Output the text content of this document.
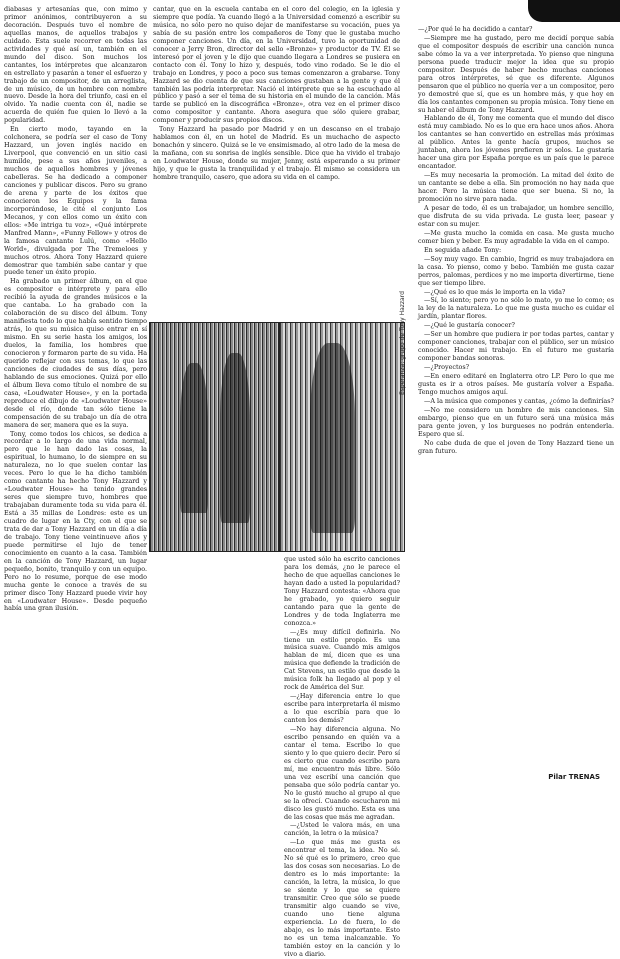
diabasas y artesanías que, con mimo y primor anónimos, contribuyeron a su decoración. Después tuvo el nombre de aquellas manos, de aquellos trabajos y cuidado. Esta suele recorrer en todas las actividades y qué así un, también en el mundo del disco. Son muchos los cantantes, los intérpretes que alcanzaron en estrellato y pasarán a tener el esfuerzo y trabajo de un compositor, de un arreglista, de un músico, de un hombre con nombre nuevo. Desde la hora del triunfo, casi en el olvido. Ya nadie cuenta con él, nadie se acuerda de quién fue quien lo llevó a la popularidad.

En cierto modo, tayando en la colchonera, se podría ser el caso de Tony Hazzard, un joven inglés nacido en Liverpool, que convenció en un sitio casi humilde, pese a sus años juveniles, a muchos de aquellos hombres y jóvenes cabelleras. Se ha dedicado a componer canciones y publicar discos. Pero su grano de arena y parte de los éxitos que conocieron los Equipos y la fama incorporándose, le cité el conjunto Los Mecanos, y con ellos como un éxito con ellos: «Me intriga tu voz», «Qué intérprete Manfred Mann», «Funny Fellow» y otros de la famosa cantante Lulú, como «Hello World», divulgada por The Tremeloes y muchos otros. Ahora Tony Hazzard quiere demostrar que también sabe cantar y que puede tener un éxito propio.

Ha grabado un primer álbum, en el que es compositor e intérprete y para ello recibió la ayuda de grandes músicos e la que cantaba. Lo ha grabado con la colaboración de su disco del álbum. Tony manifiesta todo lo que había sentido tiempo atrás, lo que su música quiso entrar en sí mismo. En su serie hasta los amigos, los duelos, la familia, los hombres que conocieron y formaron parte de su vida. Ha querido reflejar con sus temas, lo que las canciones de ciudades de sus días, pero hablando de sus emociones. Quizá por ello el álbum lleva como título el nombre de su casa, «Loudwater House», y en la portada reproduce el dibujo de «Loudwater House» desde el río, donde tan sólo tiene la compensación de su trabajo un día de otra manera de ser, manera que es la suya.

Tony, como todos los chicos, se dedica a recordar a lo largo de una vida normal, pero que le han dado las cosas, la espiritual, lo humano, lo de siempre en su naturaleza, no lo que suelen contar las veces. Pero lo que le ha dicho también como cantante ha hecho Tony Hazzard y «Loudwater House» ha tenido grandes seres que siempre tuvo, hombres que trabajaban duramente toda su vida para él. Está a 35 millas de Londres: este es un cuadro de lugar en la Cty, con el que se trata de dar a Tony Hazzard en un día a día de trabajo. Tony tiene veintinueve años y puede permitirse el lujo de tener conocimiento en cuanto a la casa. También en la canción de Tony Hazzard, un lugar pequeño, bonito, tranquilo y con un equipo. Pero no lo resume, porque de ese modo mucha gente le conoce a través de su primer disco Tony Hazzard puede vivir hoy en «Loudwater House». Desde pequeño había una gran ilusión.

cantar, que en la escuela cantaba en el coro del colegio, en la iglesia y siempre que podía. Ya cuando llegó a la Universidad comenzó a escribir su música, no sólo pero no quiso dejar de manifestarse su vocación, pues ya sabía de su pasión entre los compañeros de Tony que le gustaba mucho componer canciones. Un día, en la Universidad, tuvo la oportunidad de conocer a Jerry Bron, director del sello «Bronze» y productor de TV. Él se interesó por el joven y le dijo que cuando llegara a Londres se pusiera en contacto con él. Tony lo hizo y, después, todo vino rodado. Se le dio el trabajo en Londres, y poco a poco sus temas comenzaron a grabarse. Tony Hazzard se dio cuenta de que sus canciones gustaban a la gente y que él también las podría interpretar. Nació el intérprete que se ha escuchado al público y pasó a ser el tema de su historia en el mundo de la canción. Más tarde se publicó en la discográfica «Bronze», otra vez en el primer disco como compositor y cantante. Ahora asegura que sólo quiere grabar, componer y producir sus propios discos.

Tony Hazzard ha pasado por Madrid y en un descanso en el trabajo hablamos con él, en un hotel de Madrid. Es un muchacho de aspecto bonachón y sincero. Quizá se le ve ensimismado, al otro lado de la mesa de la mañana, con su sonrisa de inglés sensible. Dice que ha vivido el trabajo en Loudwater House, donde su mujer, Jenny, está esperando a su primer hijo, y que le gusta la tranquilidad y el trabajo. Él mismo se considera un hombre tranquilo, casero, que adora su vida en el campo.

Esperanza: grupo de Tony Hazzard

que usted sólo ha escrito canciones para los demás, ¿no le parece el hecho de que aquellas canciones le hayan dado a usted la popularidad? Tony Hazzard contesta: «Ahora que he grabado, yo quiero seguir cantando para que la gente de Londres y de toda Inglaterra me conozca.»

—¿Es muy difícil definirla. No tiene un estilo propio. Es una música suave. Cuando mis amigos hablan de mí, dicen que es una música que defiende la tradición de Cat Stevens, un estilo que desde la música folk ha llegado al pop y el rock de América del Sur.

—¿Hay diferencia entre lo que escribe para interpretarla él mismo a lo que escribía para que lo canten los demás?

—No hay diferencia alguna. No escribo pensando en quién va a cantar el tema. Escribo lo que siento y lo que quiero decir. Pero sí es cierto que cuando escribo para mí, me encuentro más libre. Sólo una vez escribí una canción que pensaba que sólo podría cantar yo. No le gustó mucho al grupo al que se la ofrecí. Cuando escucharon mi disco les gustó mucho. Esta es una de las cosas que más me agradan.

—¿Usted le valora más, en una canción, la letra o la música?

—Lo que más me gusta es encontrar el tema, la idea. No sé. No sé qué es lo primero, creo que las dos cosas son necesarias. Lo de dentro es lo más importante: la canción, la letra, la música, lo que se siente y lo que se quiere transmitir. Creo que sólo se puede transmitir algo cuando se vive, cuando uno tiene alguna experiencia. Lo de fuera, lo de abajo, es lo más importante. Esto no es un tema inalcanzable. Yo también estoy en la canción y lo vivo a diario.

—¿Por qué le ha decidido a cantar?

—Siempre me ha gustado, pero me decidí porque sabía que el compositor después de escribir una canción nunca sabe cómo la va a ver interpretada. Yo pienso que ninguna persona puede traducir mejor la idea que su propio compositor. Después de haber hecho muchas canciones para otros intérpretes, sé que es diferente. Algunos pensaron que el público no quería ver a un compositor, pero yo demostré que sí, que es un hombre más, y que hoy en día los cantantes componen su propia música. Tony tiene en su haber el álbum de Tony Hazzard.

Hablando de él, Tony me comenta que el mundo del disco está muy cambiado. No es lo que era hace unos años. Ahora los cantantes se han convertido en estrellas más próximas al público. Antes la gente hacía grupos, muchos se juntaban, ahora los jóvenes prefieren ir solos. Le gustaría hacer una gira por España porque es un país que le parece encantador.

—Es muy necesaria la promoción. La mitad del éxito de un cantante se debe a ella. Sin promoción no hay nada que hacer. Pero la música tiene que ser buena. Si no, la promoción no sirve para nada.

A pesar de todo, él es un trabajador, un hombre sencillo, que disfruta de su vida privada. Le gusta leer, pasear y estar con su mujer.

—Me gusta mucho la comida en casa. Me gusta mucho comer bien y beber. Es muy agradable la vida en el campo.

En seguida añade Tony:

—Soy muy vago. En cambio, Ingrid es muy trabajadora en la casa. Yo pienso, como y bebo. También me gusta cazar perros, palomas, perdices y no me importa divertirme, tiene que ser tiempo libre.

—¿Qué es lo que más le importa en la vida?

—Sí, lo siento; pero yo no sólo lo mato, yo me lo como; es la ley de la naturaleza. Lo que me gusta mucho es cuidar el jardín, plantar flores.

—¿Qué le gustaría conocer?

—Ser un hombre que pudiera ir por todas partes, cantar y componer canciones, trabajar con el público, ser un músico conocido. Hacer mi trabajo. En el futuro me gustaría componer bandas sonoras.

—¿Proyectos?

—En enero editaré en Inglaterra otro LP. Pero lo que me gusta es ir a otros países. Me gustaría volver a España. Tengo muchos amigos aquí.

—A la música que compones y cantas, ¿cómo la definirías?

—No me considero un hombre de mis canciones. Sin embargo, pienso que en un futuro será una música más para gente joven, y los burgueses no podrán entenderla. Espero que sí.

No cabe duda de que el joven de Tony Hazzard tiene un gran futuro.

Pilar TRENAS
